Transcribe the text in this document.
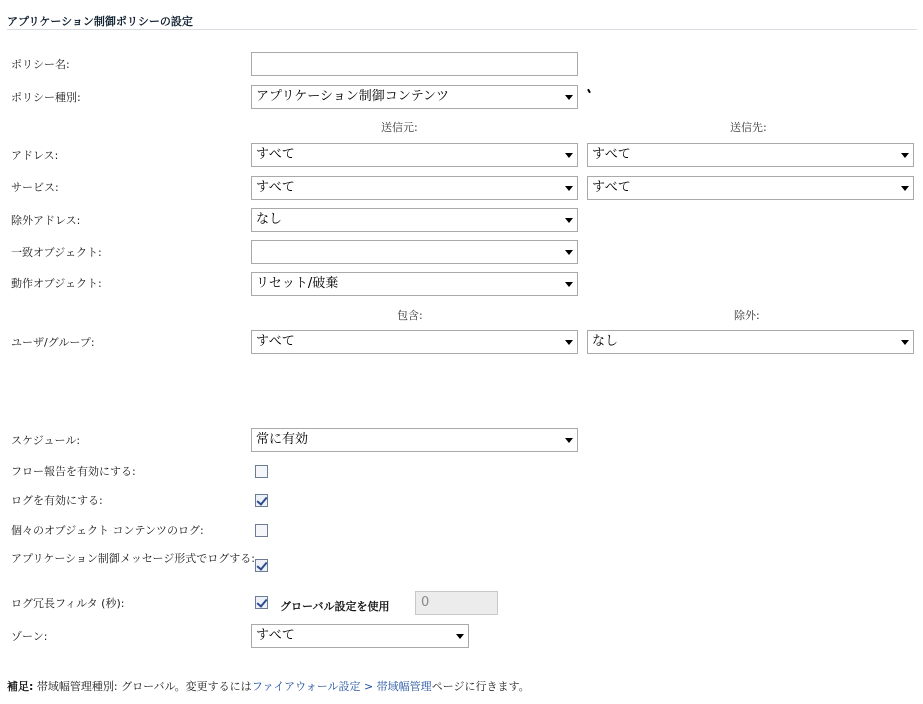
アプリケーション制御ポリシーの設定
ポリシー名:
ポリシー種別:	アプリケーション制御コンテンツ
送信元:	送信先:
アドレス:	すべて	すべて
サービス:	すべて	すべて
除外アドレス:	なし
一致オブジェクト:
動作オブジェクト:	リセット/破棄
包含:	除外:
ユーザ/グループ:	すべて	なし
スケジュール:	常に有効
フロー報告を有効にする:
ログを有効にする:
個々のオブジェクト コンテンツのログ:
アプリケーション制御メッセージ形式でログする:
ログ冗長フィルタ (秒):	グローバル設定を使用	0
ゾーン:	すべて
補足: 帯域幅管理種別: グローバル。変更するにはファイアウォール設定 > 帯域幅管理ページに行きます。
